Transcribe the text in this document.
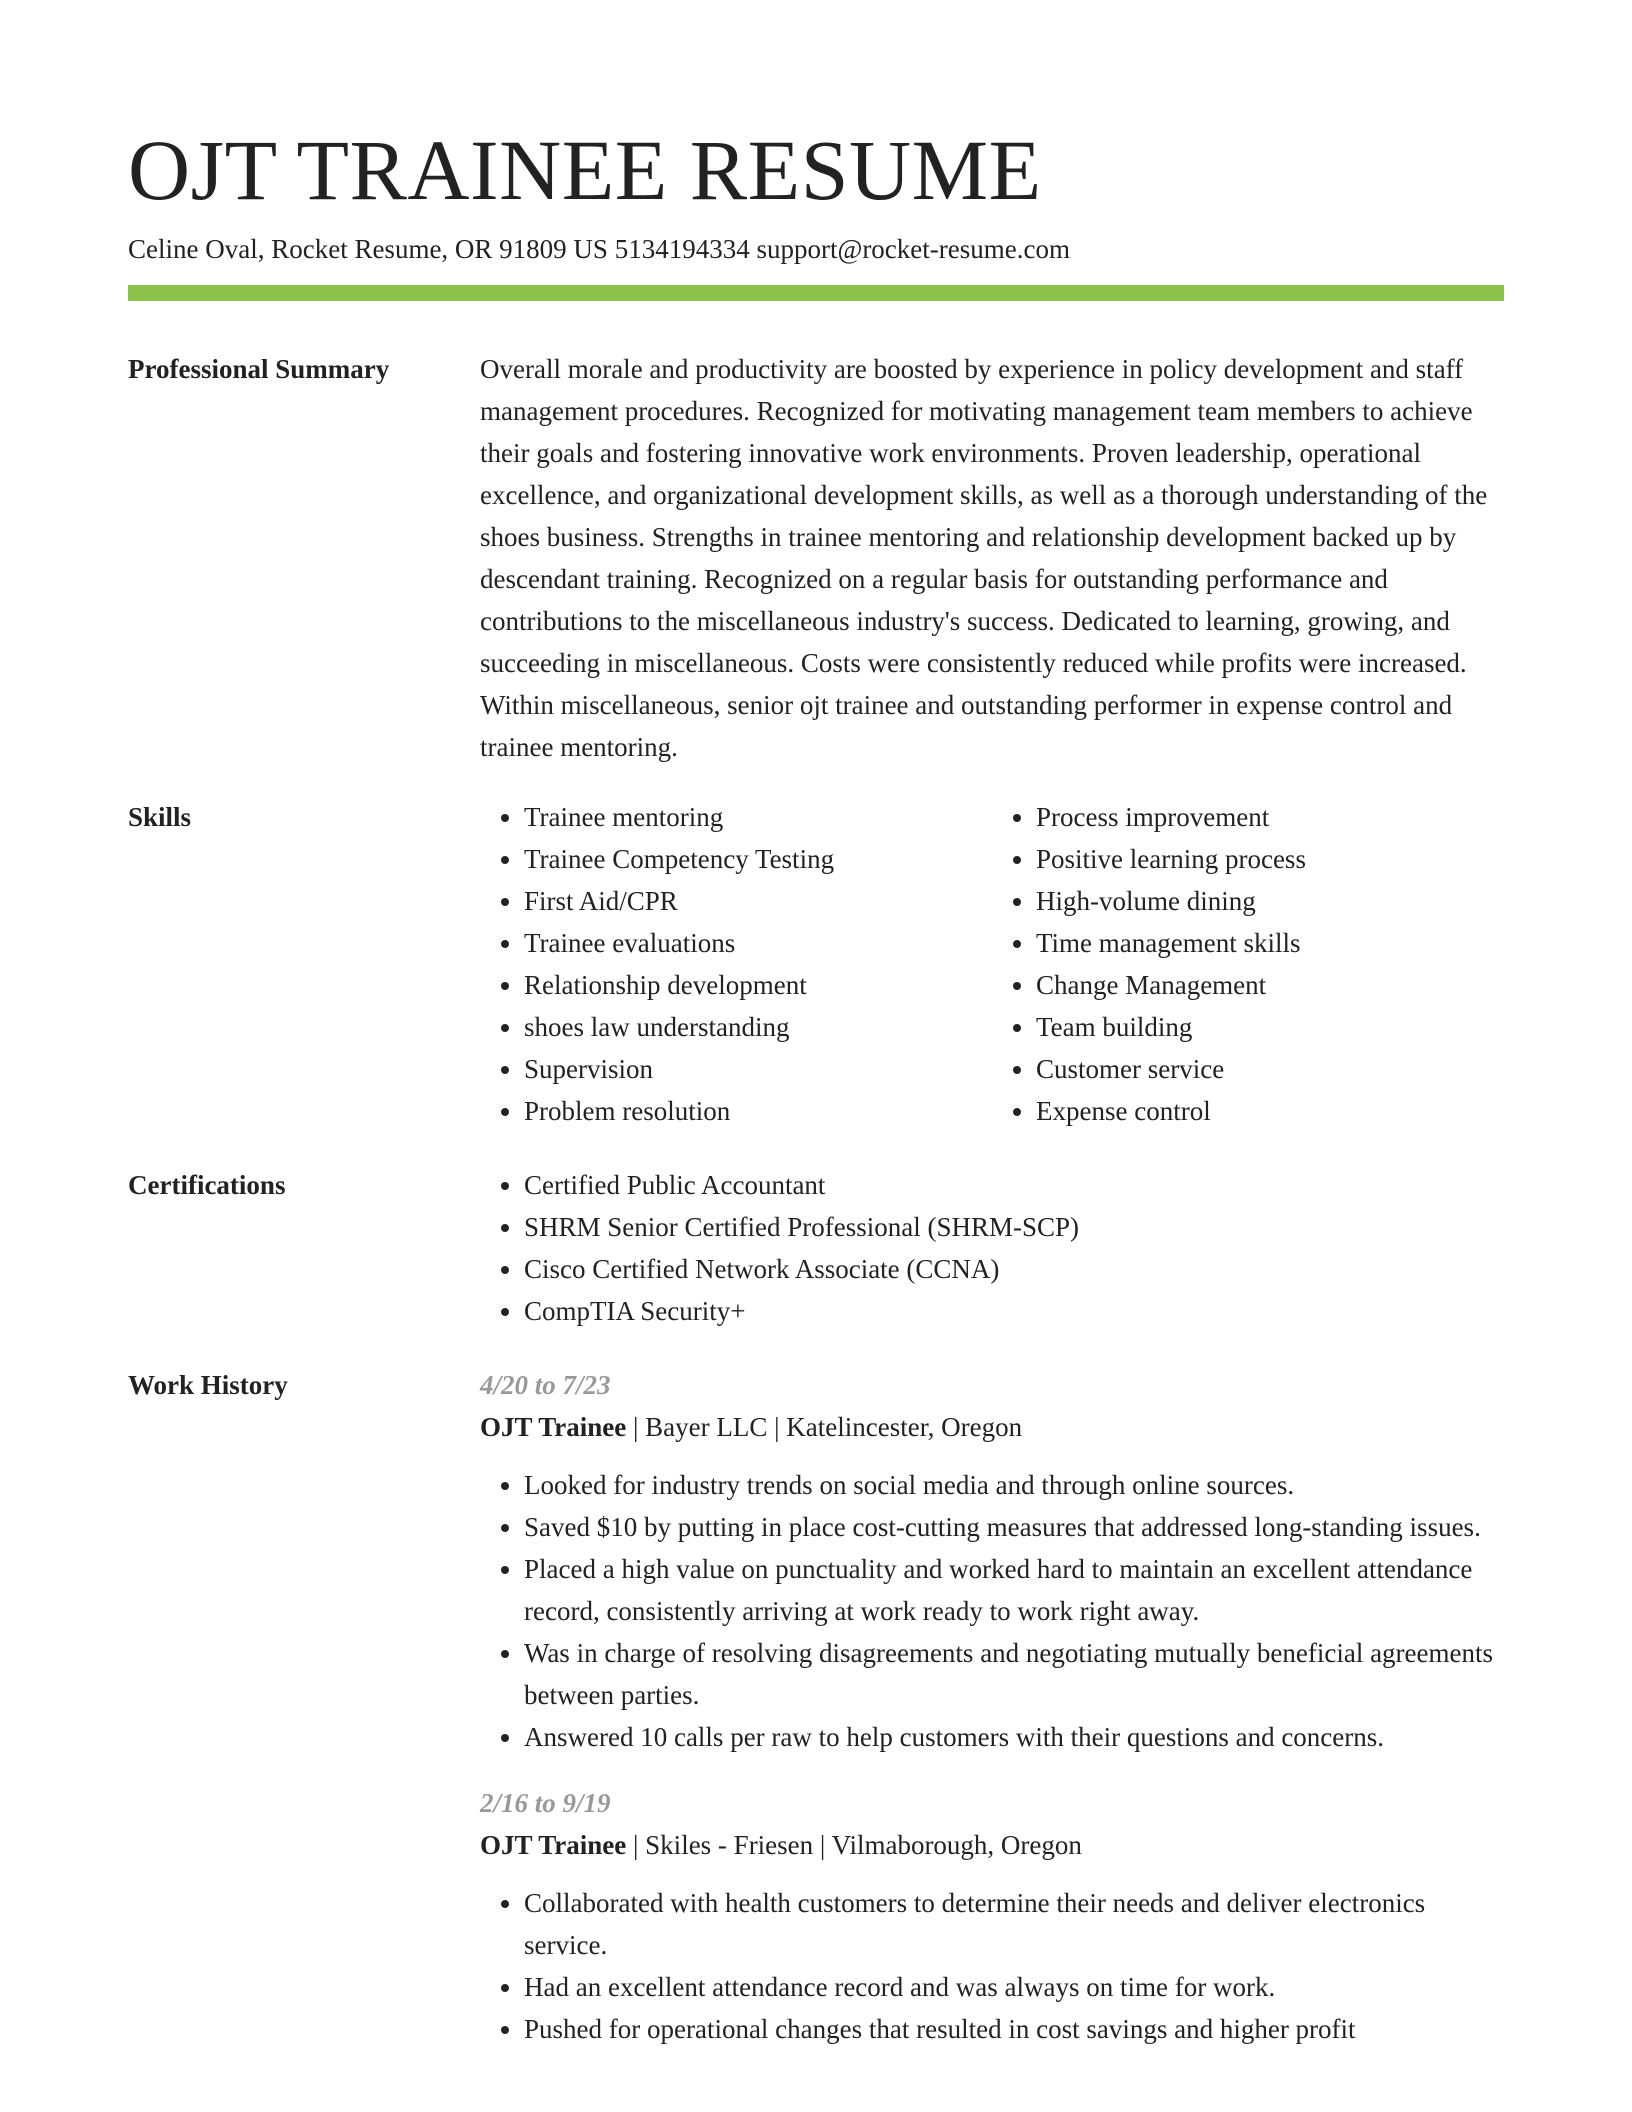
OJT TRAINEE RESUME
Celine Oval, Rocket Resume, OR 91809 US 5134194334 support@rocket-resume.com
Professional Summary	Overall morale and productivity are boosted by experience in policy development and staff management procedures. Recognized for motivating management team members to achieve their goals and fostering innovative work environments. Proven leadership, operational excellence, and organizational development skills, as well as a thorough understanding of the shoes business. Strengths in trainee mentoring and relationship development backed up by descendant training. Recognized on a regular basis for outstanding performance and contributions to the miscellaneous industry's success. Dedicated to learning, growing, and succeeding in miscellaneous. Costs were consistently reduced while profits were increased. Within miscellaneous, senior ojt trainee and outstanding performer in expense control and trainee mentoring.

Skills	• Trainee mentoring
• Trainee Competency Testing
• First Aid/CPR
• Trainee evaluations
• Relationship development
• shoes law understanding
• Supervision
• Problem resolution
• Process improvement
• Positive learning process
• High-volume dining
• Time management skills
• Change Management
• Team building
• Customer service
• Expense control
Certifications	• Certified Public Accountant
• SHRM Senior Certified Professional (SHRM-SCP)
• Cisco Certified Network Associate (CCNA)
• CompTIA Security+
Work History	4/20 to 7/23
OJT Trainee | Bayer LLC | Katelincester, Oregon
• Looked for industry trends on social media and through online sources.
• Saved $10 by putting in place cost-cutting measures that addressed long-standing issues.
• Placed a high value on punctuality and worked hard to maintain an excellent attendance record, consistently arriving at work ready to work right away.
• Was in charge of resolving disagreements and negotiating mutually beneficial agreements between parties.
• Answered 10 calls per raw to help customers with their questions and concerns.
2/16 to 9/19
OJT Trainee | Skiles - Friesen | Vilmaborough, Oregon
• Collaborated with health customers to determine their needs and deliver electronics service.
• Had an excellent attendance record and was always on time for work.
• Pushed for operational changes that resulted in cost savings and higher profit
